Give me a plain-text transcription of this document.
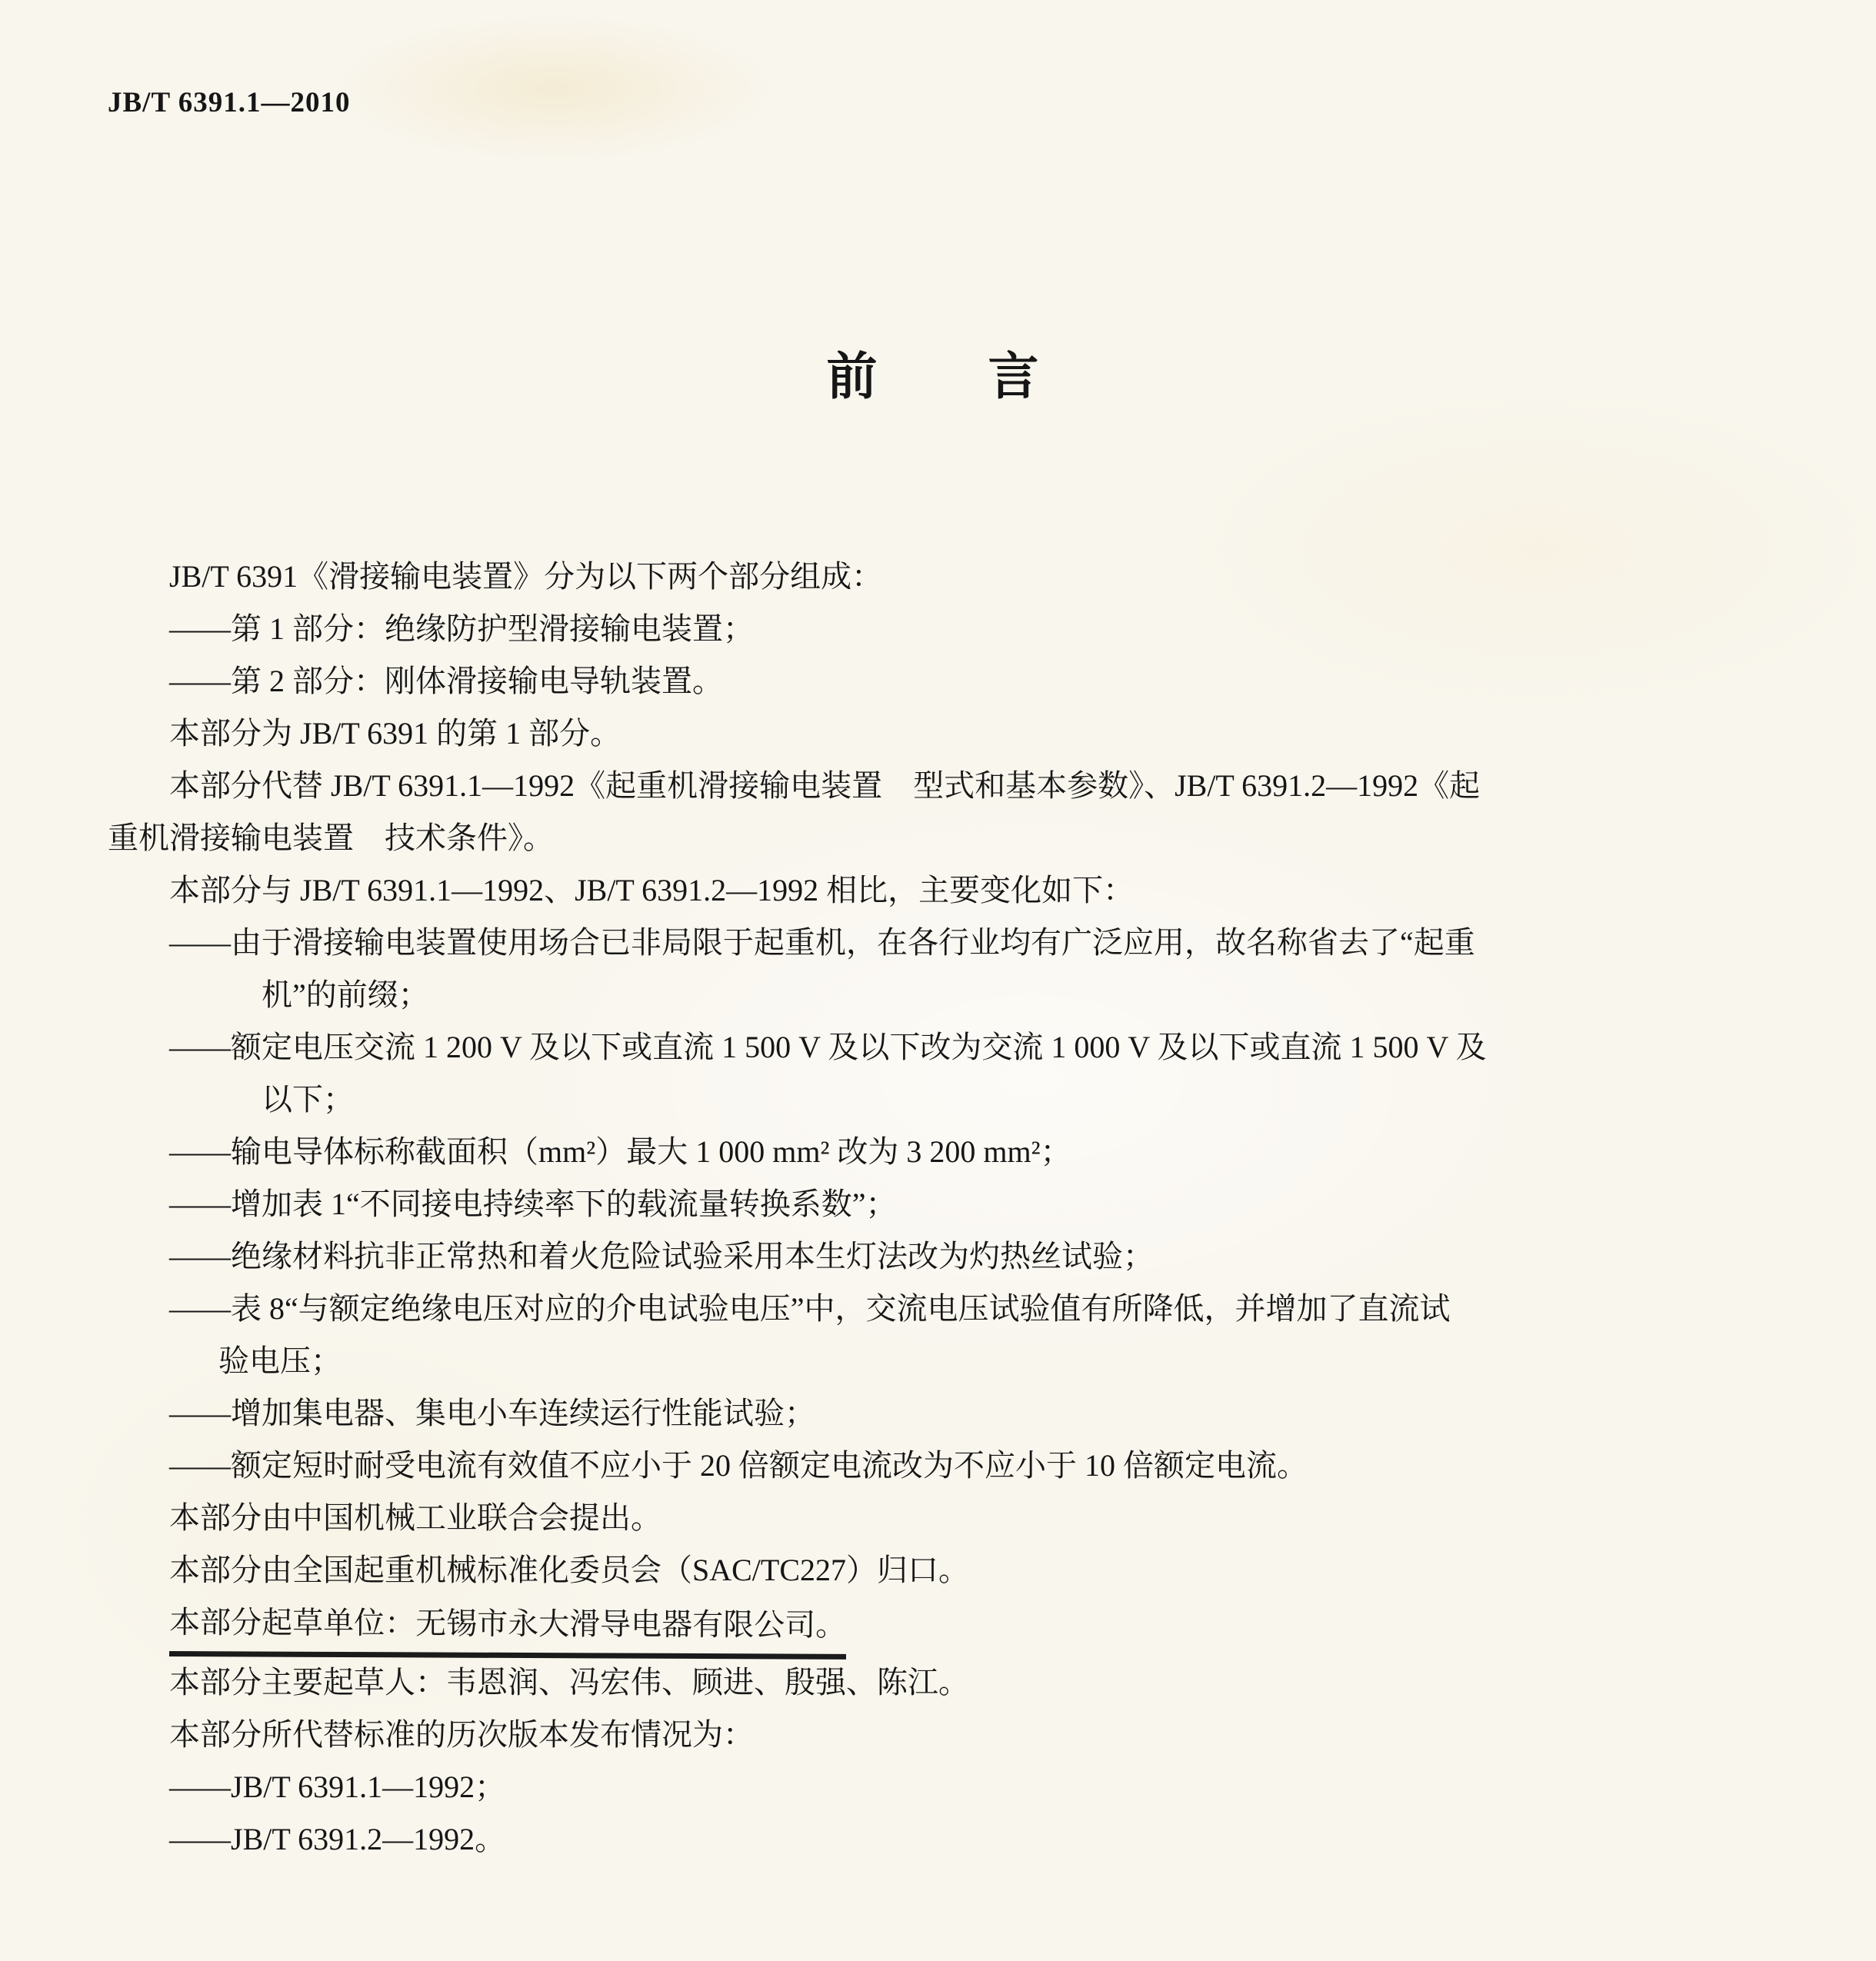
JB/T 6391.1—2010
前　　言
JB/T 6391《滑接输电装置》分为以下两个部分组成：
——第 1 部分：绝缘防护型滑接输电装置；
——第 2 部分：刚体滑接输电导轨装置。
本部分为 JB/T 6391 的第 1 部分。
本部分代替 JB/T 6391.1—1992《起重机滑接输电装置　型式和基本参数》、JB/T 6391.2—1992《起
重机滑接输电装置　技术条件》。
本部分与 JB/T 6391.1—1992、JB/T 6391.2—1992 相比，主要变化如下：
——由于滑接输电装置使用场合已非局限于起重机，在各行业均有广泛应用，故名称省去了“起重
机”的前缀；
——额定电压交流 1 200 V 及以下或直流 1 500 V 及以下改为交流 1 000 V 及以下或直流 1 500 V 及
以下；
——输电导体标称截面积（mm²）最大 1 000 mm² 改为 3 200 mm²；
——增加表 1“不同接电持续率下的载流量转换系数”；
——绝缘材料抗非正常热和着火危险试验采用本生灯法改为灼热丝试验；
——表 8“与额定绝缘电压对应的介电试验电压”中，交流电压试验值有所降低，并增加了直流试
验电压；
——增加集电器、集电小车连续运行性能试验；
——额定短时耐受电流有效值不应小于 20 倍额定电流改为不应小于 10 倍额定电流。
本部分由中国机械工业联合会提出。
本部分由全国起重机械标准化委员会（SAC/TC227）归口。
本部分起草单位：无锡市永大滑导电器有限公司。
本部分主要起草人：韦恩润、冯宏伟、顾进、殷强、陈江。
本部分所代替标准的历次版本发布情况为：
——JB/T 6391.1—1992；
——JB/T 6391.2—1992。
